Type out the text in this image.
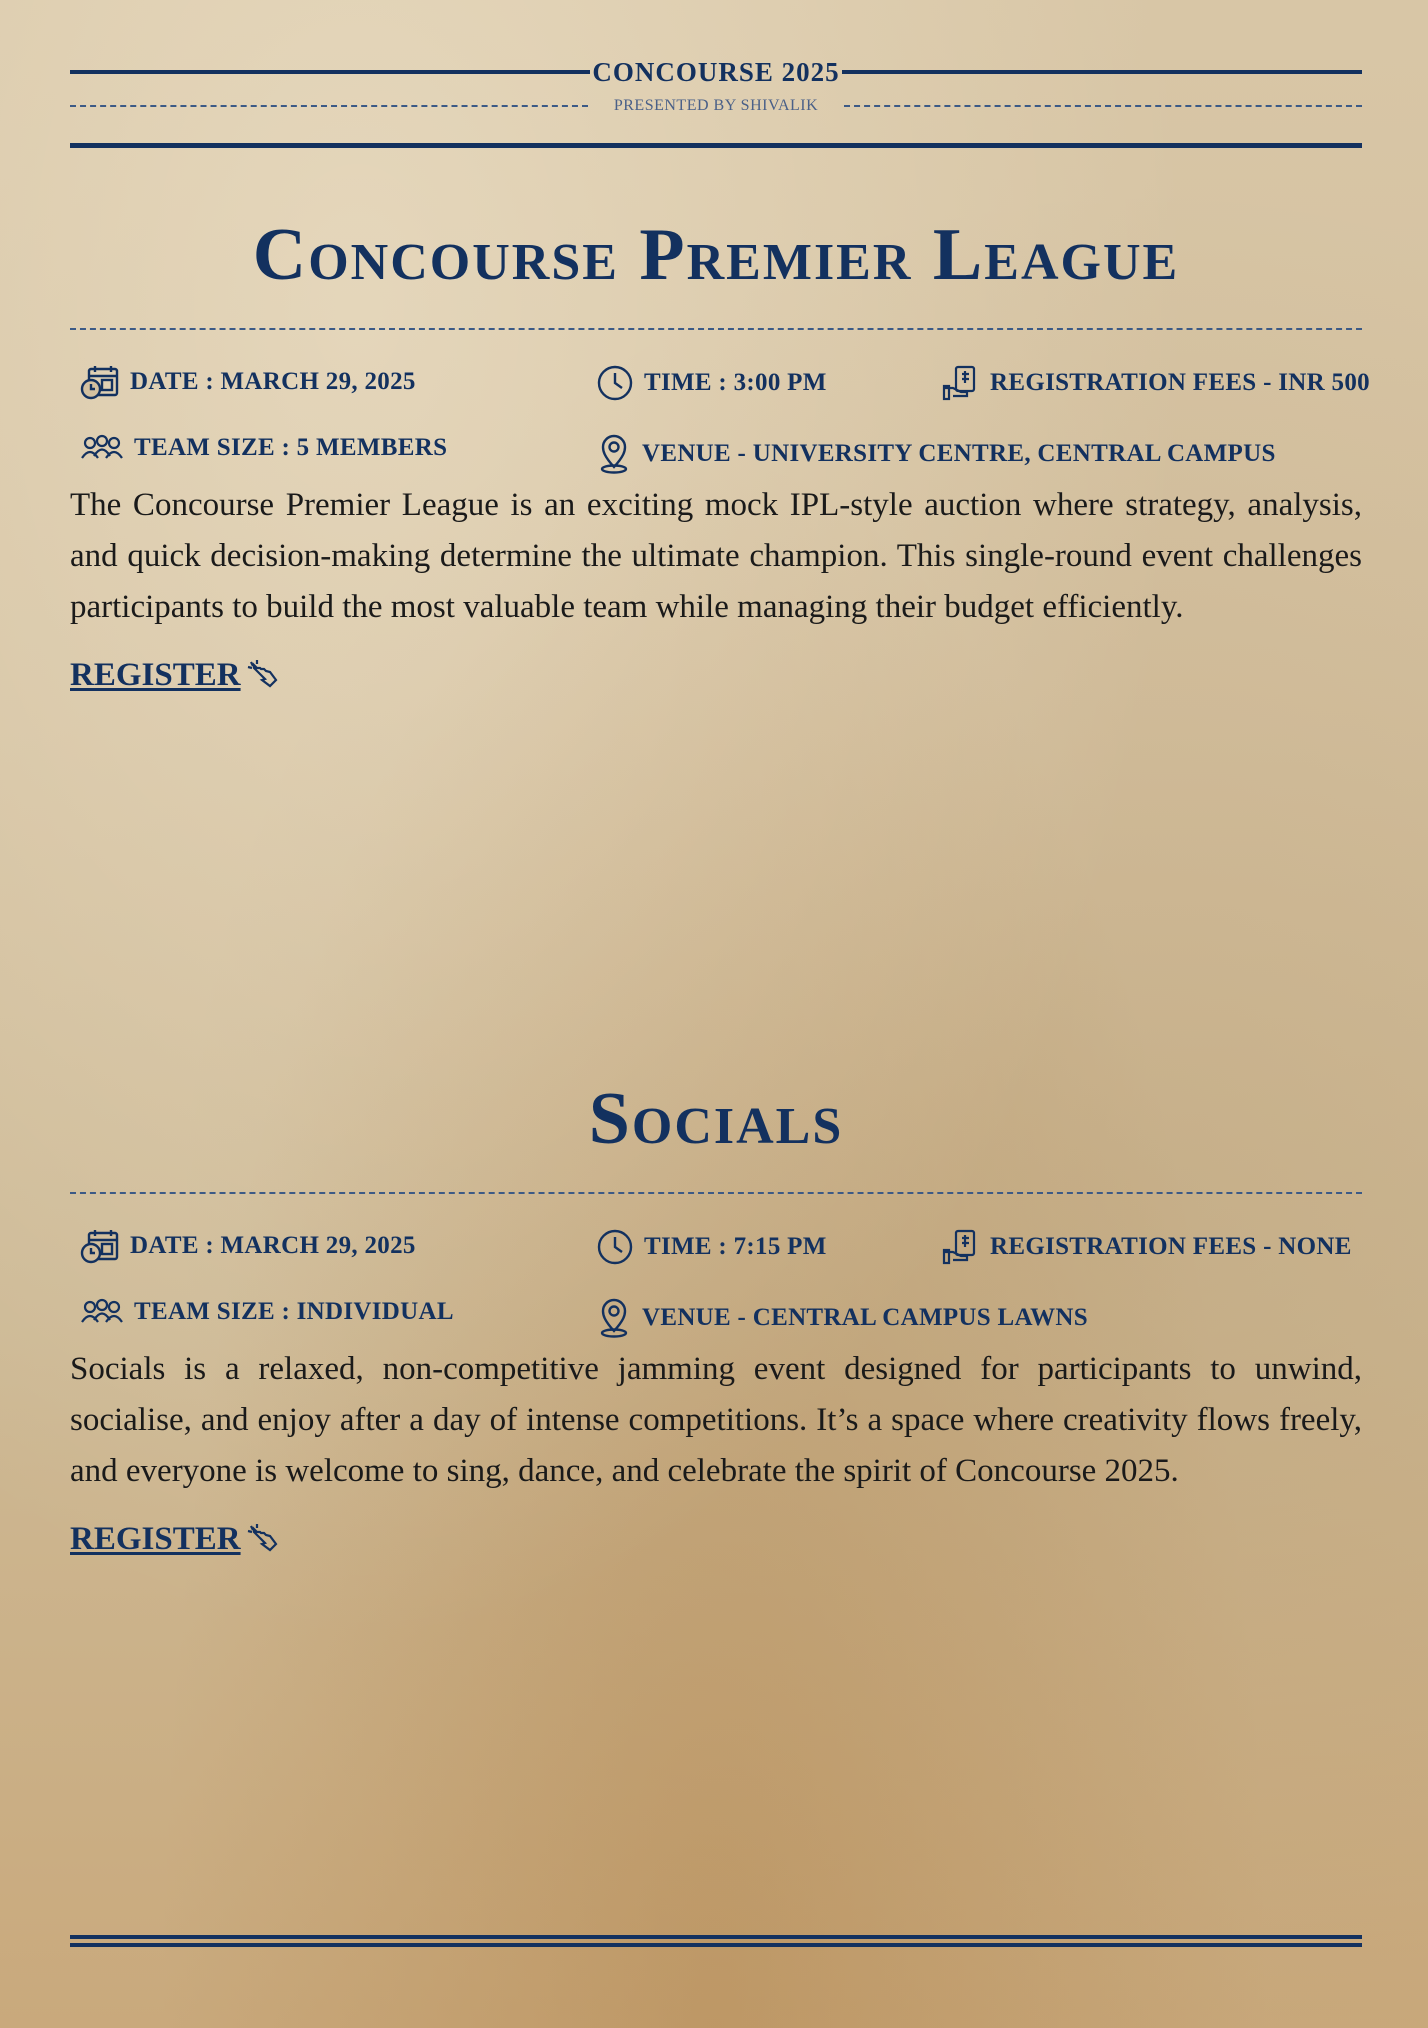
CONCOURSE 2025
PRESENTED BY SHIVALIK
Concourse Premier League
DATE : MARCH 29, 2025	TIME : 3:00 PM	REGISTRATION FEES - INR 500
TEAM SIZE : 5 MEMBERS	VENUE - UNIVERSITY CENTRE, CENTRAL CAMPUS

The Concourse Premier League is an exciting mock IPL-style auction where strategy, analysis, and quick decision-making determine the ultimate champion. This single-round event challenges participants to build the most valuable team while managing their budget efficiently.

REGISTER
Socials
DATE : MARCH 29, 2025	TIME : 7:15 PM	REGISTRATION FEES - NONE
TEAM SIZE : INDIVIDUAL	VENUE - CENTRAL CAMPUS LAWNS

Socials is a relaxed, non-competitive jamming event designed for participants to unwind, socialise, and enjoy after a day of intense competitions. It’s a space where creativity flows freely, and everyone is welcome to sing, dance, and celebrate the spirit of Concourse 2025.

REGISTER
